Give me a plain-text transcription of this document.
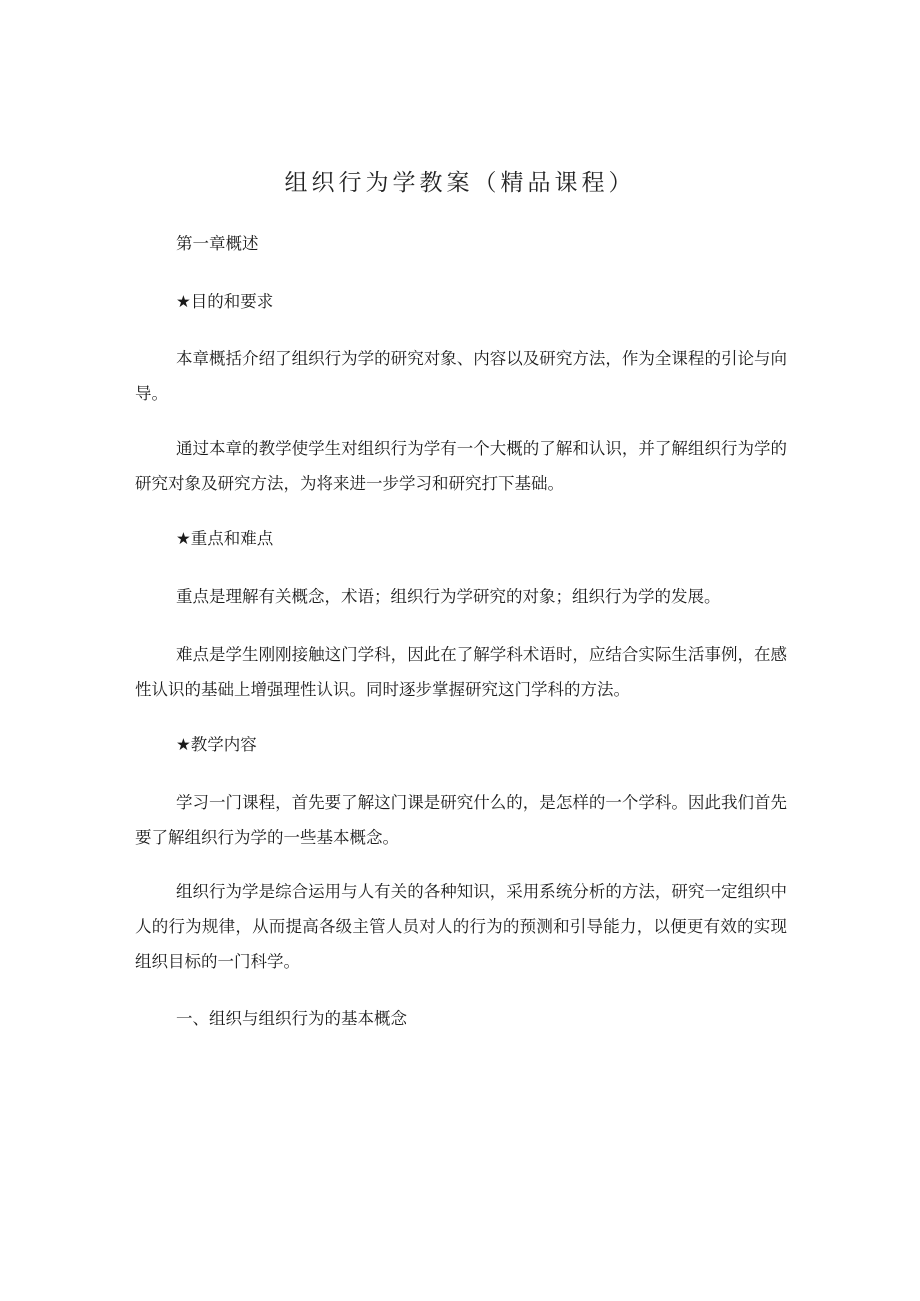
组织行为学教案（精品课程）
第一章概述
★目的和要求
本章概括介绍了组织行为学的研究对象、内容以及研究方法，作为全课程的引论与向导。
通过本章的教学使学生对组织行为学有一个大概的了解和认识，并了解组织行为学的研究对象及研究方法，为将来进一步学习和研究打下基础。
★重点和难点
重点是理解有关概念，术语；组织行为学研究的对象；组织行为学的发展。
难点是学生刚刚接触这门学科，因此在了解学科术语时，应结合实际生活事例，在感性认识的基础上增强理性认识。同时逐步掌握研究这门学科的方法。
★教学内容
学习一门课程，首先要了解这门课是研究什么的，是怎样的一个学科。因此我们首先要了解组织行为学的一些基本概念。
组织行为学是综合运用与人有关的各种知识，采用系统分析的方法，研究一定组织中人的行为规律，从而提高各级主管人员对人的行为的预测和引导能力，以便更有效的实现组织目标的一门科学。
一、组织与组织行为的基本概念
